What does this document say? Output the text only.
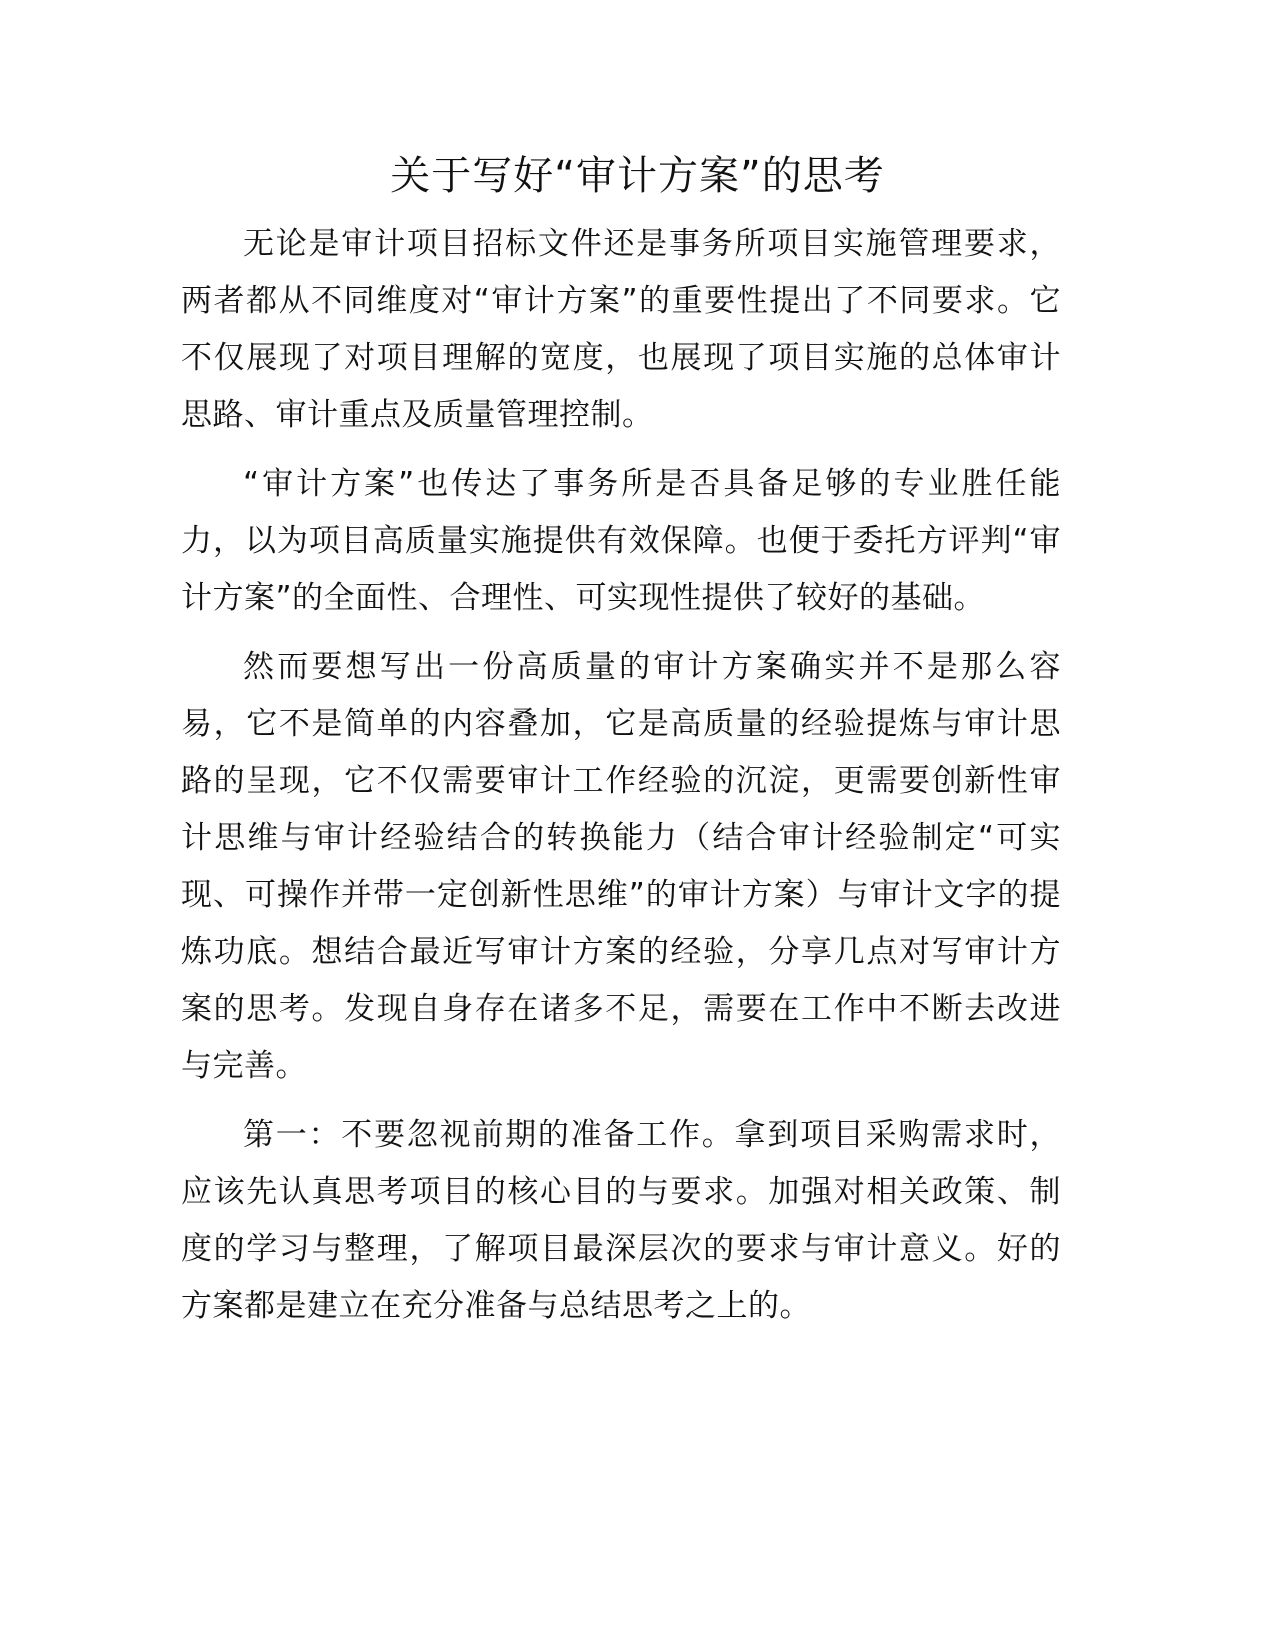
关于写好“审计方案”的思考

无论是审计项目招标文件还是事务所项目实施管理要求，两者都从不同维度对“审计方案”的重要性提出了不同要求。它不仅展现了对项目理解的宽度，也展现了项目实施的总体审计思路、审计重点及质量管理控制。

“审计方案”也传达了事务所是否具备足够的专业胜任能力，以为项目高质量实施提供有效保障。也便于委托方评判“审计方案”的全面性、合理性、可实现性提供了较好的基础。

然而要想写出一份高质量的审计方案确实并不是那么容易，它不是简单的内容叠加，它是高质量的经验提炼与审计思路的呈现，它不仅需要审计工作经验的沉淀，更需要创新性审计思维与审计经验结合的转换能力（结合审计经验制定“可实现、可操作并带一定创新性思维”的审计方案）与审计文字的提炼功底。想结合最近写审计方案的经验，分享几点对写审计方案的思考。发现自身存在诸多不足，需要在工作中不断去改进与完善。

第一：不要忽视前期的准备工作。拿到项目采购需求时，应该先认真思考项目的核心目的与要求。加强对相关政策、制度的学习与整理，了解项目最深层次的要求与审计意义。好的方案都是建立在充分准备与总结思考之上的。
